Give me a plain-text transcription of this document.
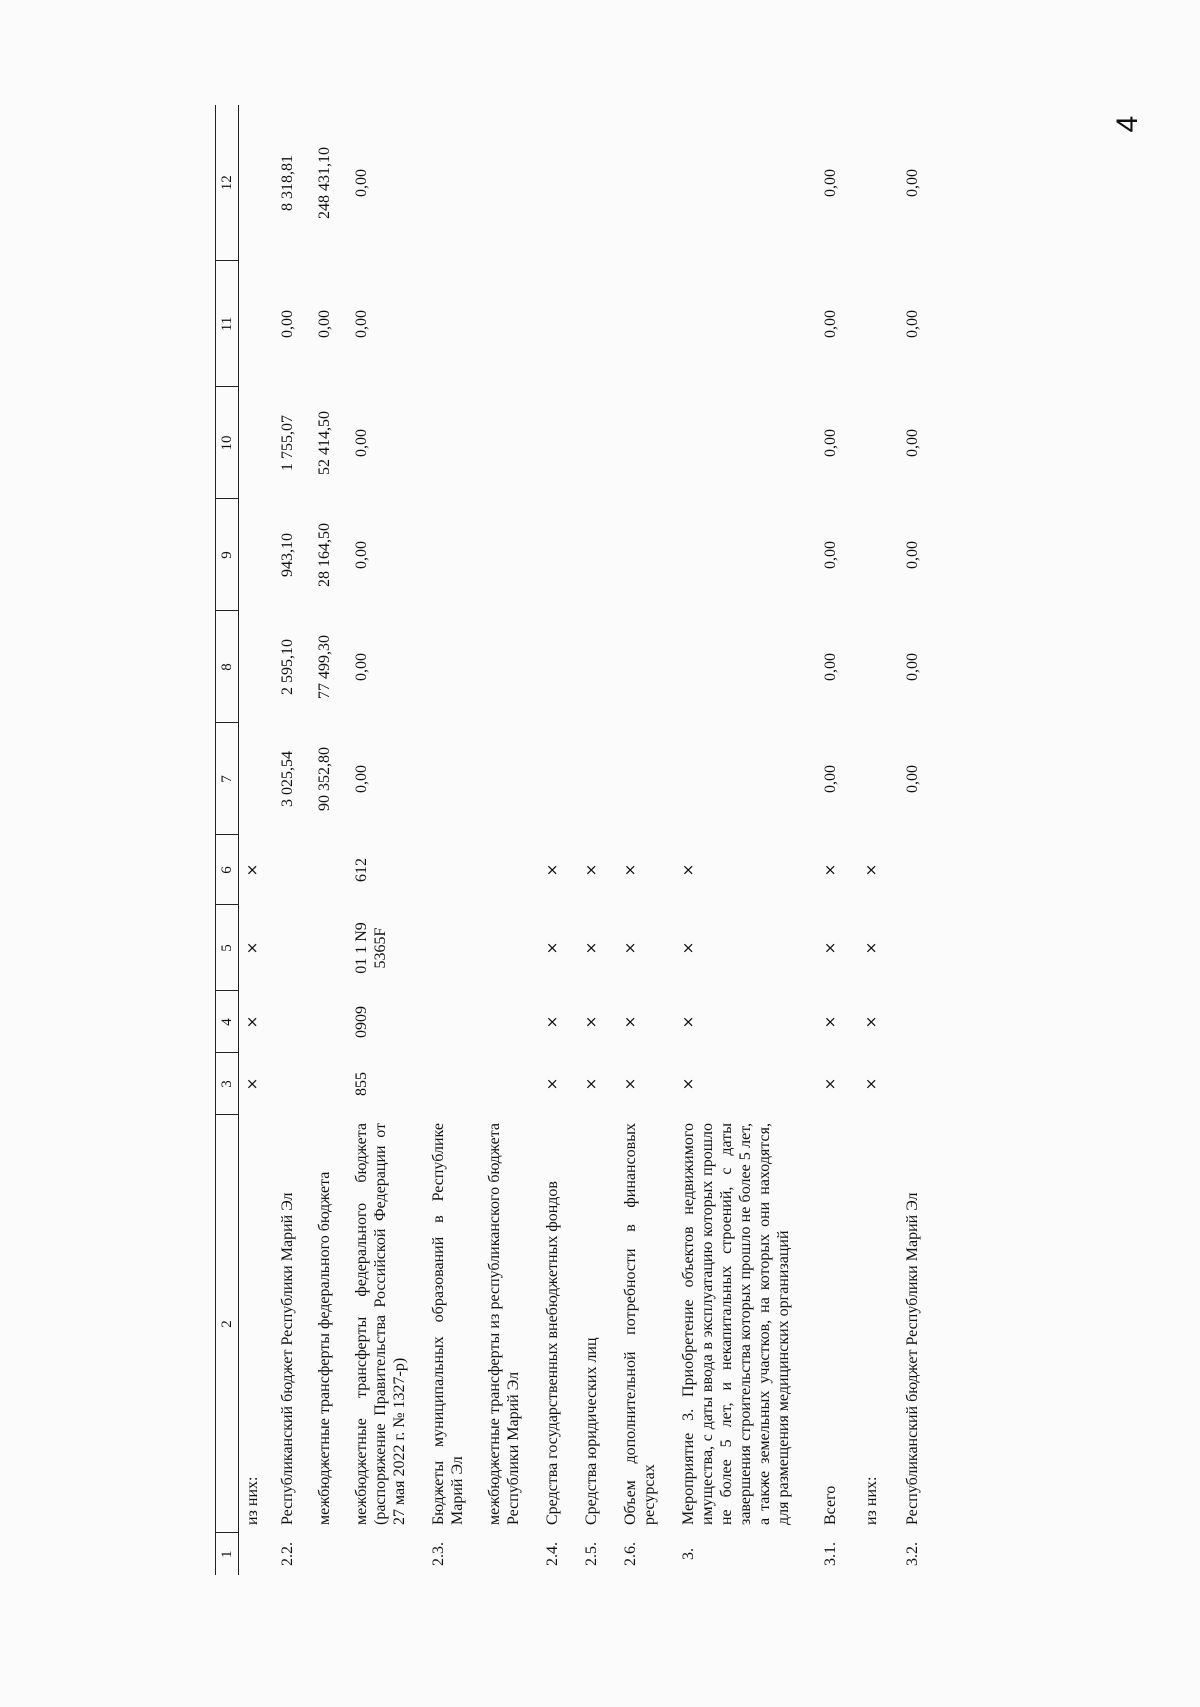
4
1	2	3	4	5	6	7	8	9	10	11	12

	из них:	×	×	×	×						

2.2.	Республиканский бюджет Республики Марий Эл					3 025,54	2 595,10	943,10	1 755,07	0,00	8 318,81

	межбюджетные трансферты федерального бюджета					90 352,80	77 499,30	28 164,50	52 414,50	0,00	248 431,10

	межбюджетные трансферты федерального бюджета (распоряжение Правительства Российской Федерации от 27 мая 2022 г. № 1327-р)	855	0909	01 1 N9 5365F	612	0,00	0,00	0,00	0,00	0,00	0,00

2.3.	Бюджеты муниципальных образований в Республике Марий Эл										

	межбюджетные трансферты из республиканского бюджета Республики Марий Эл										

2.4.	Средства государственных внебюджетных фондов	×	×	×	×						

2.5.	Средства юридических лиц	×	×	×	×						

2.6.	Объем дополнительной потребности в финансовых ресурсах	×	×	×	×						

3.	Мероприятие 3. Приобретение объектов недвижимого имущества, с даты ввода в эксплуатацию которых прошло не более 5 лет, и некапитальных строений, с даты завершения строительства которых прошло не более 5 лет, а также земельных участков, на которых они находятся, для размещения медицинских организаций	×	×	×	×						

3.1.	Всего	×	×	×	×	0,00	0,00	0,00	0,00	0,00	0,00

	из них:	×	×	×	×						

3.2.	Республиканский бюджет Республики Марий Эл					0,00	0,00	0,00	0,00	0,00	0,00
